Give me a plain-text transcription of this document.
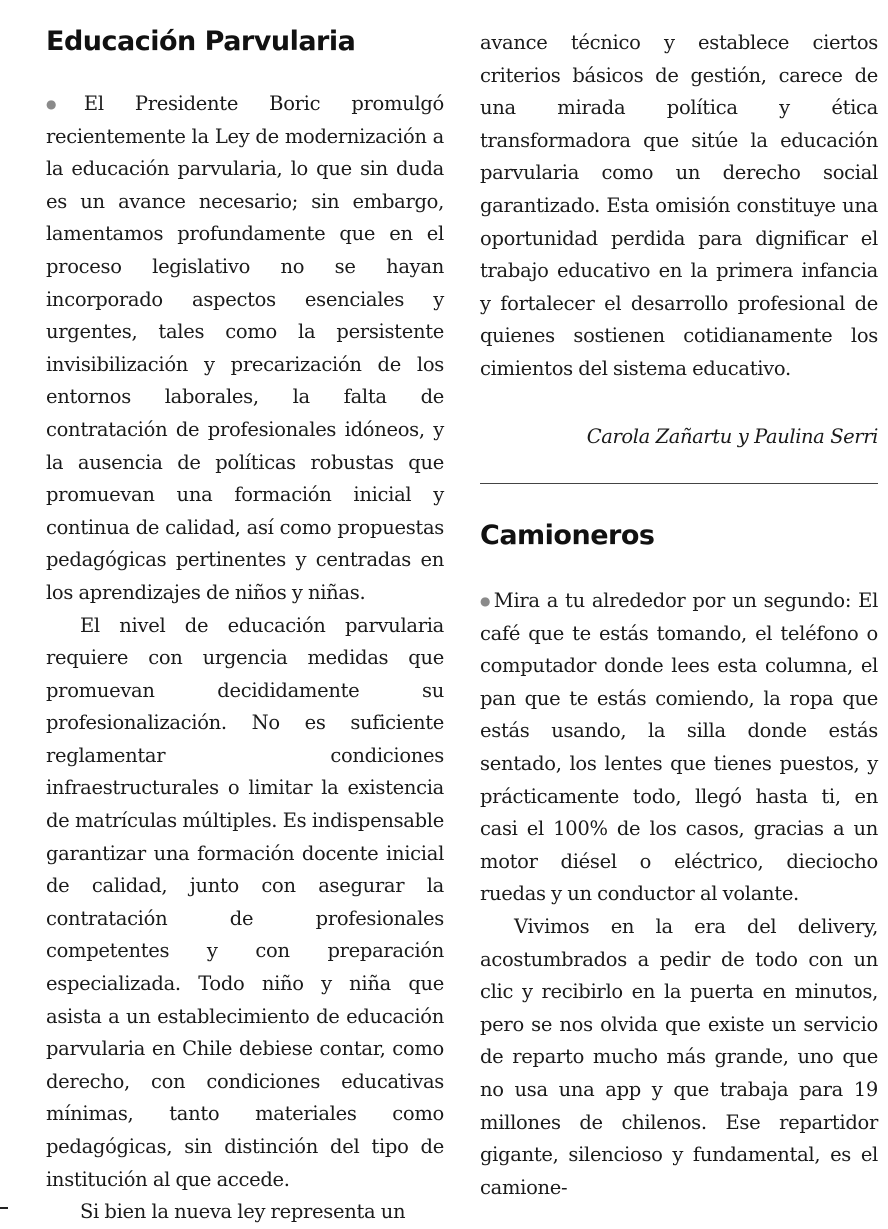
Educación Parvularia

● El Presidente Boric promulgó recientemente la Ley de modernización a la educación parvularia, lo que sin duda es un avance necesario; sin embargo, lamentamos profundamente que en el proceso legislativo no se hayan incorporado aspectos esenciales y urgentes, tales como la persistente invisibilización y precarización de los entornos laborales, la falta de contratación de profesionales idóneos, y la ausencia de políticas robustas que promuevan una formación inicial y continua de calidad, así como propuestas pedagógicas pertinentes y centradas en los aprendizajes de niños y niñas.

El nivel de educación parvularia requiere con urgencia medidas que promuevan decididamente su profesionalización. No es suficiente reglamentar condiciones infraestructurales o limitar la existencia de matrículas múltiples. Es indispensable garantizar una formación docente inicial de calidad, junto con asegurar la contratación de profesionales competentes y con preparación especializada. Todo niño y niña que asista a un establecimiento de educación parvularia en Chile debiese contar, como derecho, con condiciones educativas mínimas, tanto materiales como pedagógicas, sin distinción del tipo de institución al que accede.

Si bien la nueva ley representa un

avance técnico y establece ciertos criterios básicos de gestión, carece de una mirada política y ética transformadora que sitúe la educación parvularia como un derecho social garantizado. Esta omisión constituye una oportunidad perdida para dignificar el trabajo educativo en la primera infancia y fortalecer el desarrollo profesional de quienes sostienen cotidianamente los cimientos del sistema educativo.

Carola Zañartu y Paulina Serri
Camioneros

● Mira a tu alrededor por un segundo: El café que te estás tomando, el teléfono o computador donde lees esta columna, el pan que te estás comiendo, la ropa que estás usando, la silla donde estás sentado, los lentes que tienes puestos, y prácticamente todo, llegó hasta ti, en casi el 100% de los casos, gracias a un motor diésel o eléctrico, dieciocho ruedas y un conductor al volante.

Vivimos en la era del delivery, acostumbrados a pedir de todo con un clic y recibirlo en la puerta en minutos, pero se nos olvida que existe un servicio de reparto mucho más grande, uno que no usa una app y que trabaja para 19 millones de chilenos. Ese repartidor gigante, silencioso y fundamental, es el camione-
